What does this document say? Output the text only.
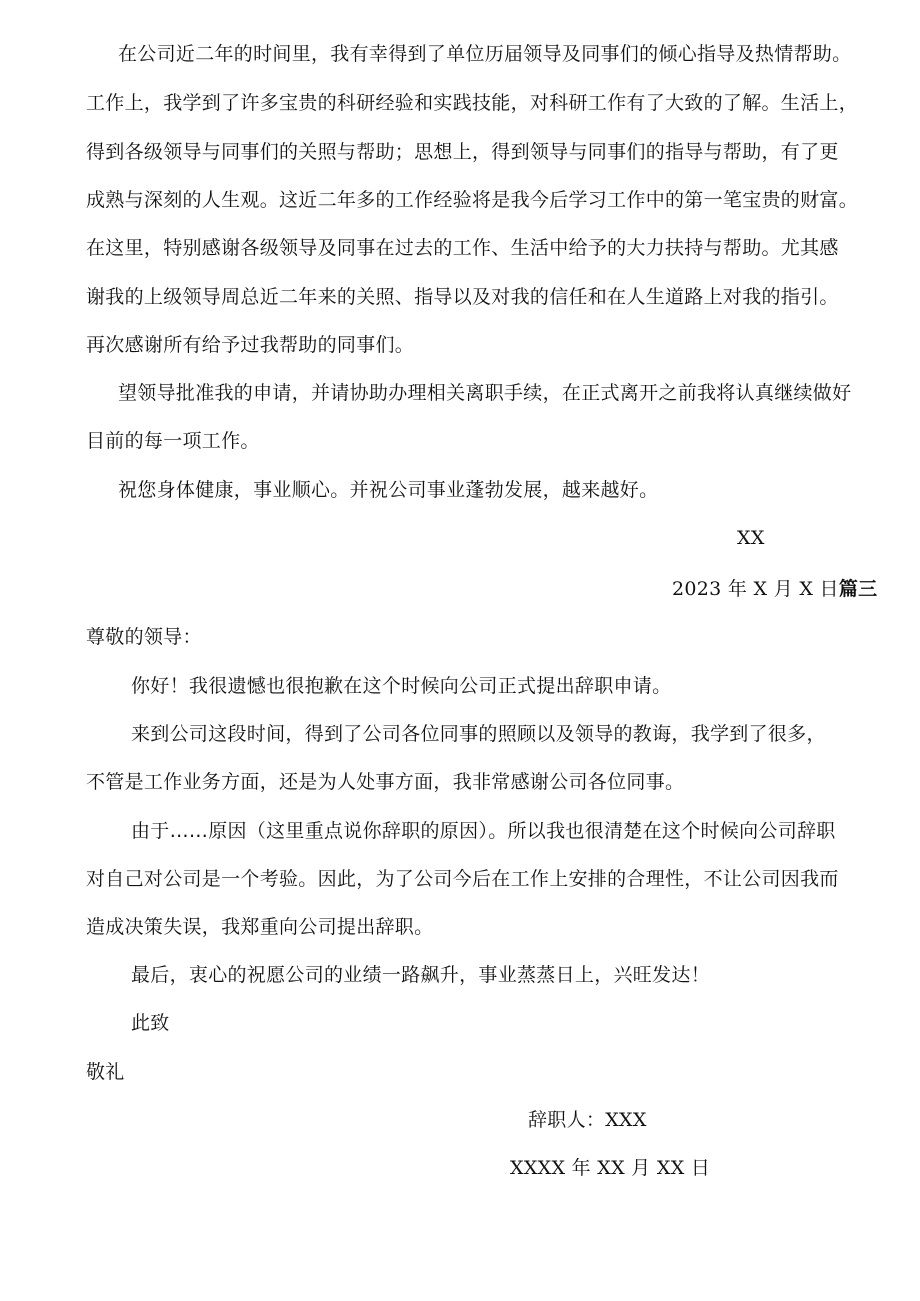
在公司近二年的时间里，我有幸得到了单位历届领导及同事们的倾心指导及热情帮助。
工作上，我学到了许多宝贵的科研经验和实践技能，对科研工作有了大致的了解。生活上，
得到各级领导与同事们的关照与帮助；思想上，得到领导与同事们的指导与帮助，有了更
成熟与深刻的人生观。这近二年多的工作经验将是我今后学习工作中的第一笔宝贵的财富。
在这里，特别感谢各级领导及同事在过去的工作、生活中给予的大力扶持与帮助。尤其感
谢我的上级领导周总近二年来的关照、指导以及对我的信任和在人生道路上对我的指引。
再次感谢所有给予过我帮助的同事们。
望领导批准我的申请，并请协助办理相关离职手续，在正式离开之前我将认真继续做好
目前的每一项工作。
祝您身体健康，事业顺心。并祝公司事业蓬勃发展，越来越好。
XX
2023 年 X 月 X 日篇三
尊敬的领导：
你好！我很遗憾也很抱歉在这个时候向公司正式提出辞职申请。
来到公司这段时间，得到了公司各位同事的照顾以及领导的教诲，我学到了很多，
不管是工作业务方面，还是为人处事方面，我非常感谢公司各位同事。
由于……原因（这里重点说你辞职的原因）。所以我也很清楚在这个时候向公司辞职
对自己对公司是一个考验。因此，为了公司今后在工作上安排的合理性，不让公司因我而
造成决策失误，我郑重向公司提出辞职。
最后，衷心的祝愿公司的业绩一路飙升，事业蒸蒸日上，兴旺发达！
此致
敬礼
辞职人：XXX
XXXX 年 XX 月 XX 日
